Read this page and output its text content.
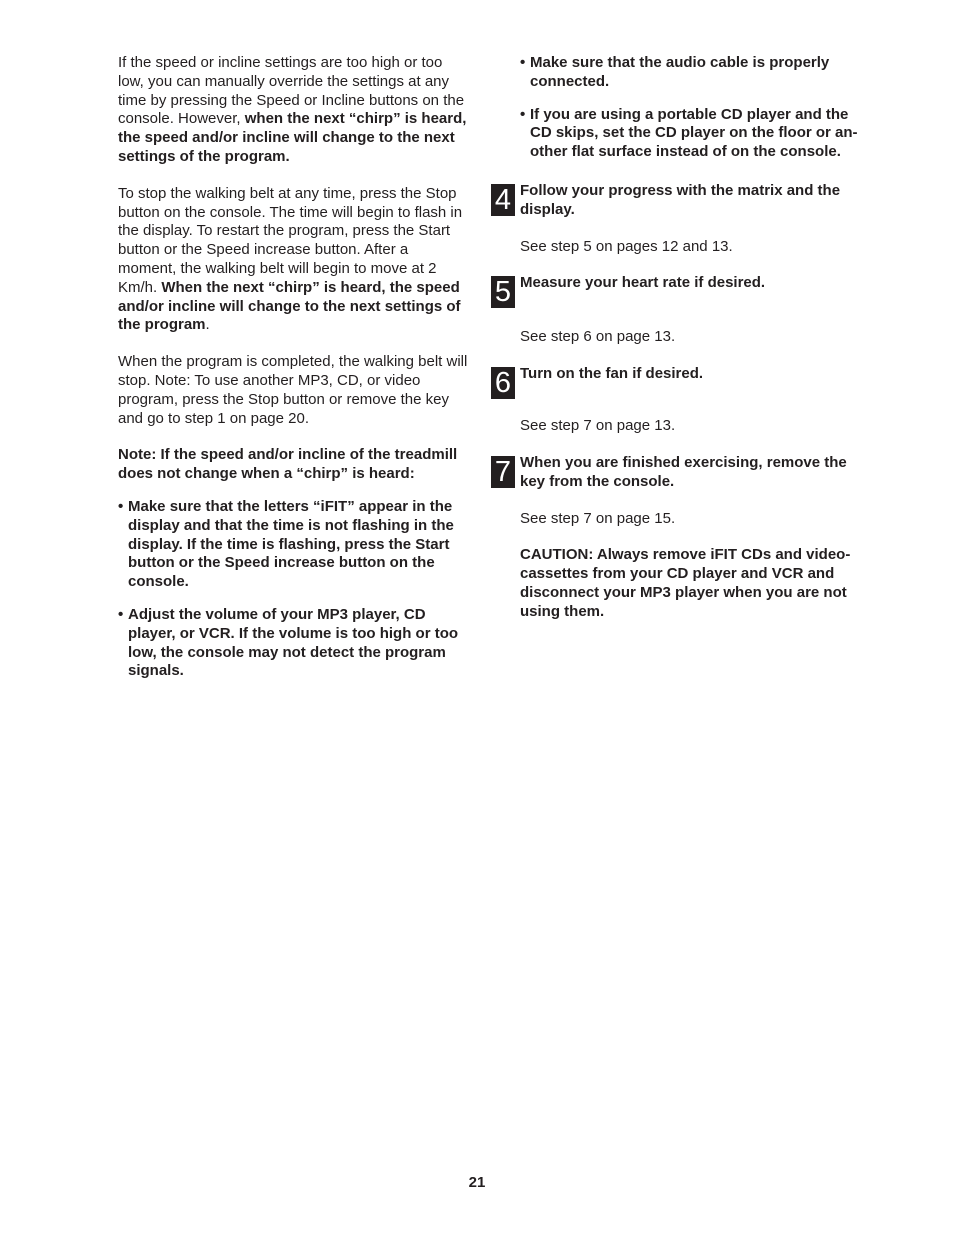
If the speed or incline settings are too high or too low, you can manually override the settings at any time by pressing the Speed or Incline buttons on the console. However, when the next “chirp” is heard, the speed and/or incline will change to the next settings of the program.

To stop the walking belt at any time, press the Stop button on the console. The time will begin to flash in the display. To restart the program, press the Start button or the Speed increase button. After a moment, the walking belt will begin to move at 2 Km/h. When the next “chirp” is heard, the speed and/or incline will change to the next settings of the program.

When the program is completed, the walking belt will stop. Note: To use another MP3, CD, or video program, press the Stop button or remove the key and go to step 1 on page 20.

Note: If the speed and/or incline of the treadmill does not change when a “chirp” is heard:

• Make sure that the letters “iFIT” appear in the display and that the time is not flashing in the display. If the time is flashing, press the Start button or the Speed increase button on the console.
• Adjust the volume of your MP3 player, CD player, or VCR. If the volume is too high or too low, the console may not detect the program signals.
• Make sure that the audio cable is properly connected.
• If you are using a portable CD player and the CD skips, set the CD player on the floor or an-other flat surface instead of on the console.
4 Follow your progress with the matrix and the display.

See step 5 on pages 12 and 13.

5 Measure your heart rate if desired.

See step 6 on page 13.

6 Turn on the fan if desired.

See step 7 on page 13.

7 When you are finished exercising, remove the key from the console.

See step 7 on page 15.

CAUTION: Always remove iFIT CDs and video-cassettes from your CD player and VCR and disconnect your MP3 player when you are not using them.

21
